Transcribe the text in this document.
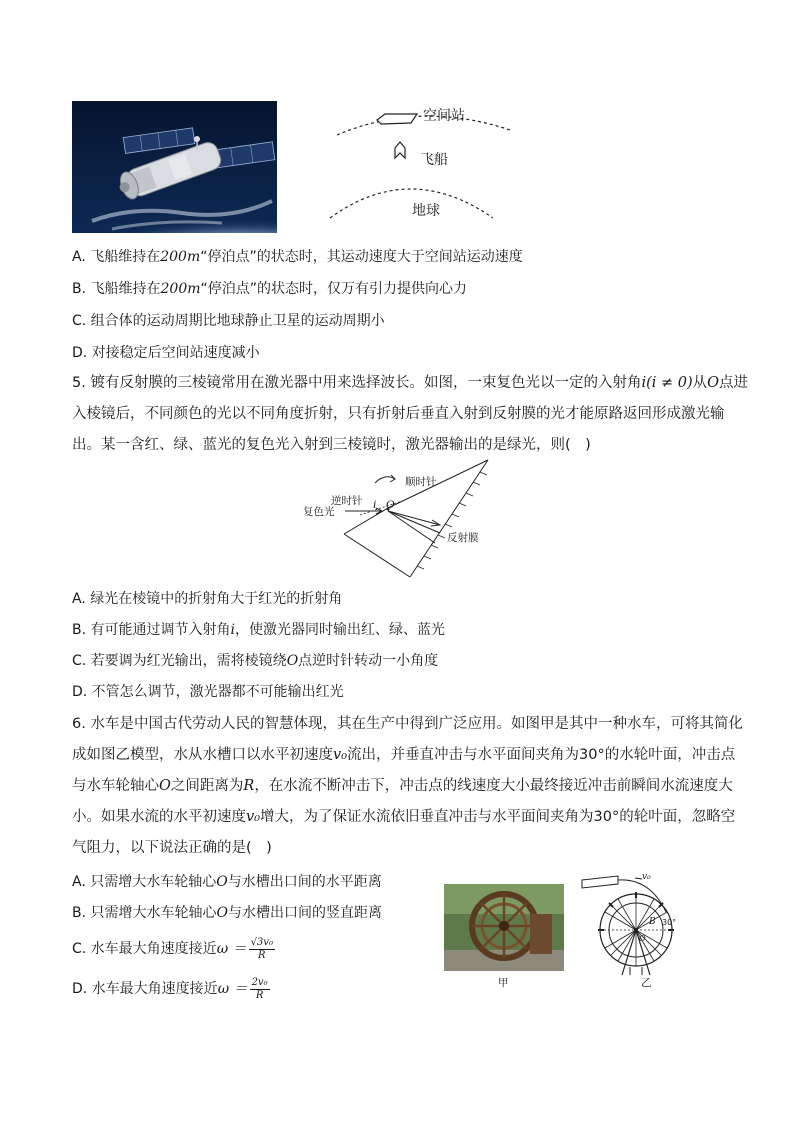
空间站
飞船
地球
A. 飞船维持在200m“停泊点”的状态时，其运动速度大于空间站运动速度
B. 飞船维持在200m“停泊点”的状态时，仅万有引力提供向心力
C. 组合体的运动周期比地球静止卫星的运动周期小
D. 对接稳定后空间站速度减小
5. 镀有反射膜的三棱镜常用在激光器中用来选择波长。如图，一束复色光以一定的入射角i(i ≠ 0)从O点进
入棱镜后，不同颜色的光以不同角度折射，只有折射后垂直入射到反射膜的光才能原路返回形成激光输
出。某一含红、绿、蓝光的复色光入射到三棱镜时，激光器输出的是绿光，则(　)
顺时针
逆时针
复色光
i O
反射膜
A. 绿光在棱镜中的折射角大于红光的折射角
B. 有可能通过调节入射角i，使激光器同时输出红、绿、蓝光
C. 若要调为红光输出，需将棱镜绕O点逆时针转动一小角度
D. 不管怎么调节，激光器都不可能输出红光
6. 水车是中国古代劳动人民的智慧体现，其在生产中得到广泛应用。如图甲是其中一种水车，可将其简化
成如图乙模型，水从水槽口以水平初速度v₀流出，并垂直冲击与水平面间夹角为30°的水轮叶面，冲击点
与水车轮轴心O之间距离为R，在水流不断冲击下，冲击点的线速度大小最终接近冲击前瞬间水流速度大
小。如果水流的水平初速度v₀增大，为了保证水流依旧垂直冲击与水平面间夹角为30°的轮叶面，忽略空
气阻力，以下说法正确的是(　)
A. 只需增大水车轮轴心O与水槽出口间的水平距离
B. 只需增大水车轮轴心O与水槽出口间的竖直距离
C. 水车最大角速度接近$\omega = \frac{\text{√3v₀}}{R}$
D. 水车最大角速度接近$\omega = \frac{\text{2v₀}}{R}$	甲
v₀
B 30°
O
乙
